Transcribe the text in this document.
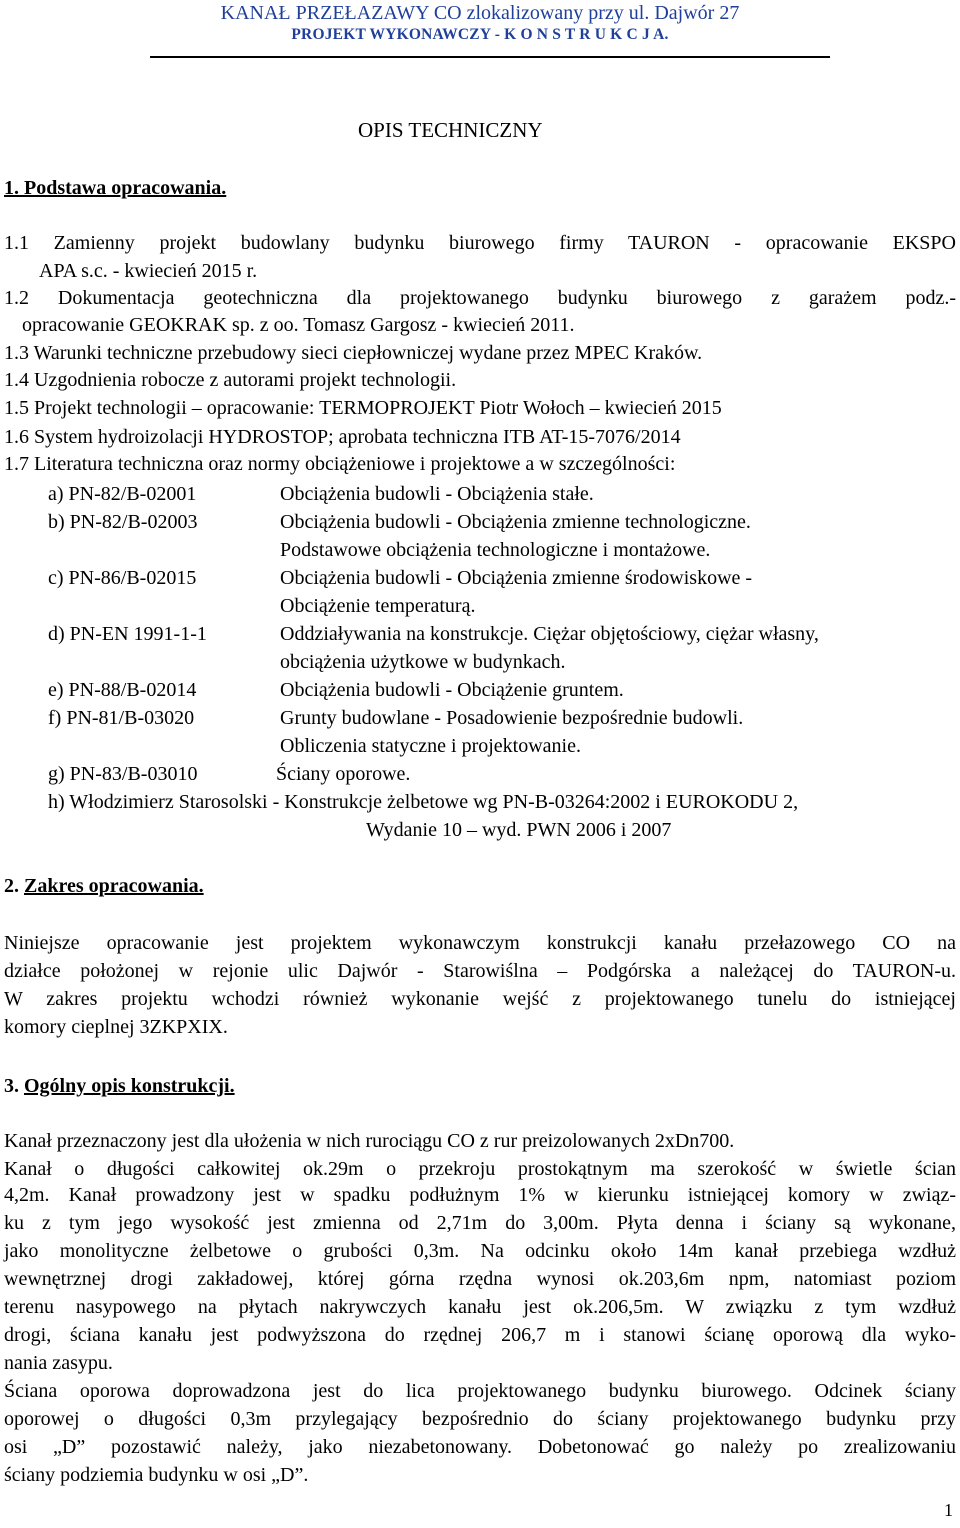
KANAŁ PRZEŁAZAWY CO zlokalizowany przy ul. Dajwór 27
PROJEKT WYKONAWCZY - K O N S T R U K C J A.
OPIS TECHNICZNY
1. Podstawa opracowania.
1.1 Zamienny projekt budowlany budynku biurowego firmy TAURON - opracowanie EKSPO
APA s.c. - kwiecień 2015 r.
1.2 Dokumentacja geotechniczna dla projektowanego budynku biurowego z garażem podz.-
opracowanie GEOKRAK sp. z oo. Tomasz Gargosz - kwiecień 2011.
1.3 Warunki techniczne przebudowy sieci ciepłowniczej wydane przez MPEC Kraków.
1.4 Uzgodnienia robocze z autorami projekt technologii.
1.5 Projekt technologii – opracowanie: TERMOPROJEKT Piotr Wołoch – kwiecień 2015
1.6 System hydroizolacji HYDROSTOP; aprobata techniczna ITB AT-15-7076/2014
1.7 Literatura techniczna oraz normy obciążeniowe i projektowe a w szczególności:
a) PN-82/B-02001	Obciążenia budowli - Obciążenia stałe.
b) PN-82/B-02003	Obciążenia budowli - Obciążenia zmienne technologiczne.
Podstawowe obciążenia technologiczne i montażowe.
c) PN-86/B-02015	Obciążenia budowli - Obciążenia zmienne środowiskowe -
Obciążenie temperaturą.
d) PN-EN 1991-1-1	Oddziaływania na konstrukcje. Ciężar objętościowy, ciężar własny,
obciążenia użytkowe w budynkach.
e) PN-88/B-02014	Obciążenia budowli - Obciążenie gruntem.
f) PN-81/B-03020	Grunty budowlane - Posadowienie bezpośrednie budowli.
Obliczenia statyczne i projektowanie.
g) PN-83/B-03010	Ściany oporowe.
h) Włodzimierz Starosolski - Konstrukcje żelbetowe wg PN-B-03264:2002 i EUROKODU 2,
Wydanie 10 – wyd. PWN 2006 i 2007
2. Zakres opracowania.
Niniejsze opracowanie jest projektem wykonawczym konstrukcji kanału przełazowego CO na
działce położonej w rejonie ulic Dajwór - Starowiślna – Podgórska a należącej do TAURON-u.
W zakres projektu wchodzi również wykonanie wejść z projektowanego tunelu do istniejącej
komory cieplnej 3ZKPXIX.
3. Ogólny opis konstrukcji.
Kanał przeznaczony jest dla ułożenia w nich rurociągu CO z rur preizolowanych 2xDn700.
Kanał o długości całkowitej ok.29m o przekroju prostokątnym ma szerokość w świetle ścian
4,2m. Kanał prowadzony jest w spadku podłużnym 1% w kierunku istniejącej komory w związ-
ku z tym jego wysokość jest zmienna od 2,71m do 3,00m. Płyta denna i ściany są wykonane,
jako monolityczne żelbetowe o grubości 0,3m. Na odcinku około 14m kanał przebiega wzdłuż
wewnętrznej drogi zakładowej, której górna rzędna wynosi ok.203,6m npm, natomiast poziom
terenu nasypowego na płytach nakrywczych kanału jest ok.206,5m. W związku z tym wzdłuż
drogi, ściana kanału jest podwyższona do rzędnej 206,7 m i stanowi ścianę oporową dla wyko-
nania zasypu.
Ściana oporowa doprowadzona jest do lica projektowanego budynku biurowego. Odcinek ściany
oporowej o długości 0,3m przylegający bezpośrednio do ściany projektowanego budynku przy
osi „D” pozostawić należy, jako niezabetonowany. Dobetonować go należy po zrealizowaniu
ściany podziemia budynku w osi „D”.
1
